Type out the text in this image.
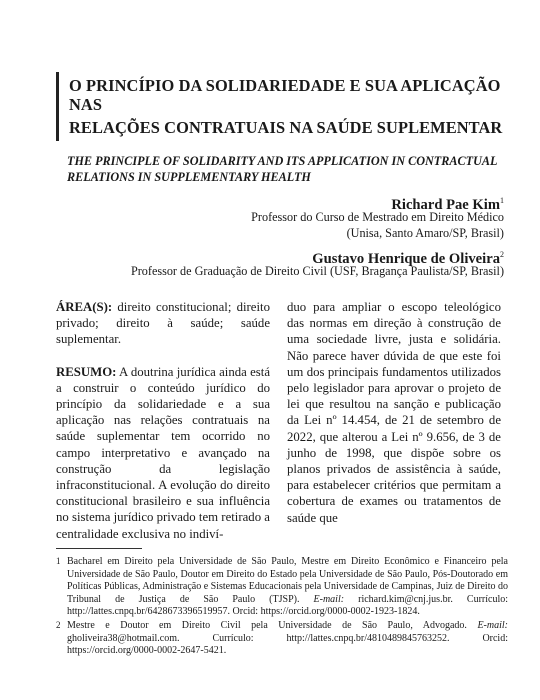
O PRINCÍPIO DA SOLIDARIEDADE E SUA APLICAÇÃO NAS
RELAÇÕES CONTRATUAIS NA SAÚDE SUPLEMENTAR
THE PRINCIPLE OF SOLIDARITY AND ITS APPLICATION IN CONTRACTUAL
RELATIONS IN SUPPLEMENTARY HEALTH
Richard Pae Kim$^1$
Professor do Curso de Mestrado em Direito Médico
(Unisa, Santo Amaro/SP, Brasil)
Gustavo Henrique de Oliveira$^2$
Professor de Graduação de Direito Civil (USF, Bragança Paulista/SP, Brasil)

ÁREA(S): direito constitucional; direito privado; direito à saúde; saúde suplementar.

RESUMO: A doutrina jurídica ainda está a construir o conteúdo jurídico do princípio da solidariedade e a sua aplicação nas relações contratuais na saúde suplementar tem ocorrido no campo interpretativo e avançado na construção da legislação infraconstitucional. A evolução do direito constitucional brasileiro e sua influência no sistema jurídico privado tem retirado a centralidade exclusiva no indiví-

duo para ampliar o escopo teleológico das normas em direção à construção de uma sociedade livre, justa e solidária. Não parece haver dúvida de que este foi um dos principais fundamentos utilizados pelo legislador para aprovar o projeto de lei que resultou na sanção e publicação da Lei nº 14.454, de 21 de setembro de 2022, que alterou a Lei nº 9.656, de 3 de junho de 1998, que dispõe sobre os planos privados de assistência à saúde, para estabelecer critérios que permitam a cobertura de exames ou tratamentos de saúde que

1 Bacharel em Direito pela Universidade de São Paulo, Mestre em Direito Econômico e Financeiro pela Universidade de São Paulo, Doutor em Direito do Estado pela Universidade de São Paulo, Pós-Doutorado em Políticas Públicas, Administração e Sistemas Educacionais pela Universidade de Campinas, Juiz de Direito do Tribunal de Justiça de São Paulo (TJSP). E-mail: richard.kim@cnj.jus.br. Currículo: http://lattes.cnpq.br/6428673396519957. Orcid: https://orcid.org/0000-0002-1923-1824.
2 Mestre e Doutor em Direito Civil pela Universidade de São Paulo, Advogado. E-mail: gholiveira38@hotmail.com. Currículo: http://lattes.cnpq.br/4810489845763252. Orcid: https://orcid.org/0000-0002-2647-5421.
